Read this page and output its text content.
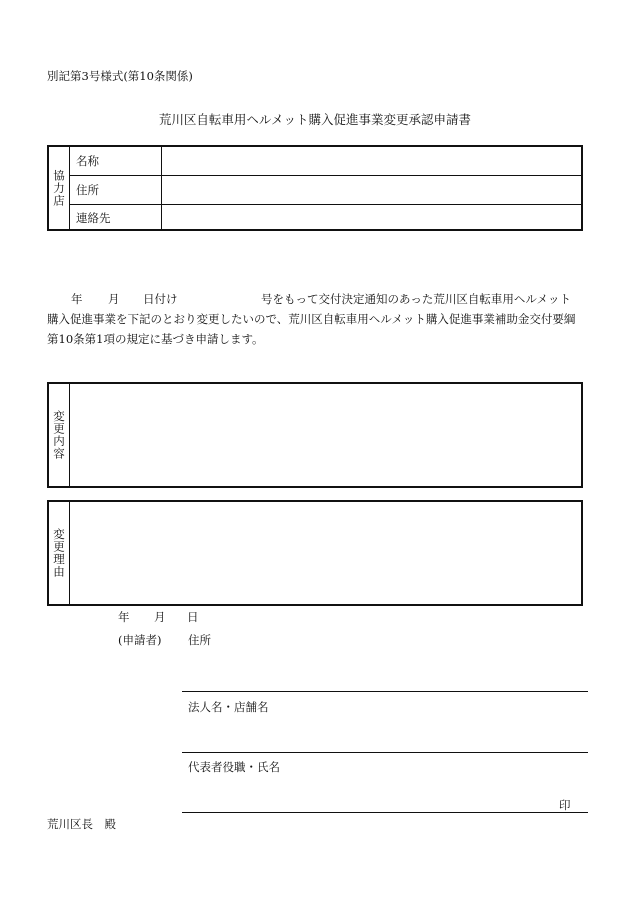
別記第3号様式(第10条関係)
荒川区自転車用ヘルメット購入促進事業変更承認申請書
協力店
名称
住所
連絡先
年 月 日付け	号をもって交付決定通知のあった荒川区自転車用ヘルメット
購入促進事業を下記のとおり変更したいので、荒川区自転車用ヘルメット購入促進事業補助金交付要綱
第10条第1項の規定に基づき申請します。
変更内容
変更理由
年 月 日
(申請者) 住所
法人名・店舗名
代表者役職・氏名
印
荒川区長　殿
